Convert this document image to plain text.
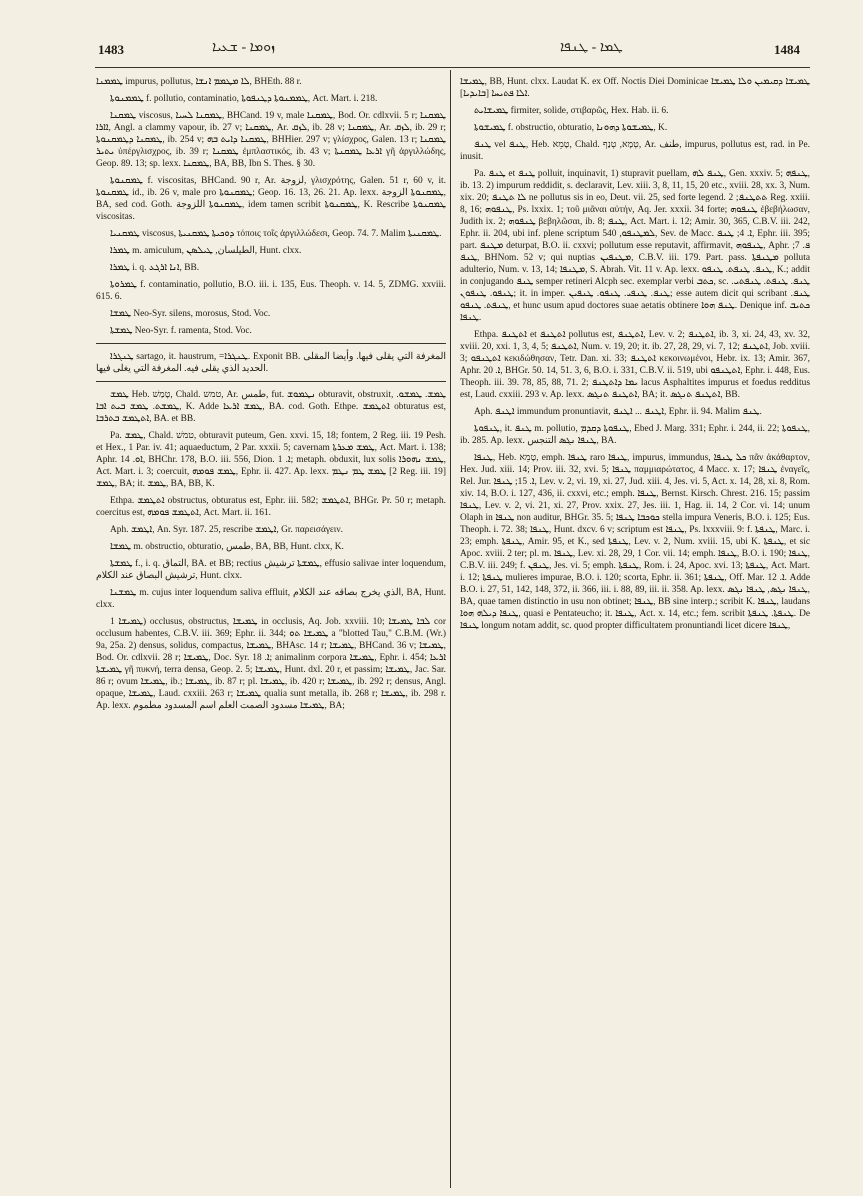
1483	ܙܘܡܐ - ܫܥܝܐ	ܛܡܐ - ܛܢܦܐ	1484

ܛܡܡܢܐ impurus, pollutus, ܠܐ ܡܛܡܡ ܐܢܫܐ, BHEth. 88 r.

ܛܡܡܢܘܬܐ f. pollutio, contaminatio, ܛܡܡܢܘܬܐ ܕܛܢܦܘܬܐ, Act. Mart. i. 218.

ܛܡܩܢܐ viscosus, ܛܡܩܢܐ ܠܚܝܐ, BHCand. 19 v, male ܛܡܩܢܐ, Bod. Or. cdlxvii. 5 r; ܛܡܩܢܐ ܐܐܪܐ, Angl. a clammy vapour, ib. 27 v; ܛܡܩܢܐ, Ar. ܠܙܩ, ib. 28 v; ܛܡܩܢܐ, Ar. ܠܙܩ, ib. 29 r; ܛܡܩܢܐ ܕܛܡܩܢܘܬܐ, ib. 254 v; ܛܡܩܢܐ ܕܐܝܬ ܒܗ, BHHier. 297 v; γλίσχρος, Galen. 13 r; ܛܡܩܢܐ ܝܬܝܪ ὑπέργλισχρος, ib. 39 r; ܛܡܩܢܐ ἐμπλαστικός, ib. 43 v; ܐܪܥܐ ܛܡܩܢܬܐ γῆ ἀργιλλώδης, Geop. 89. 13; sp. lexx. ܛܡܩܢܐ, BA, BB, Ibn S. Thes. § 30.

ܛܡܩܢܘܬܐ f. viscositas, BHCand. 90 r, Ar. لزوجة, γλισχρότης, Galen. 51 r, 60 v, it. ܛܡܩܢܘܬܐ id., ib. 26 v, male pro ܛܡܩܢܘܬܐ; Geop. 16. 13, 26. 21. Ap. lexx. ܛܡܩܢܘܬܐ الزوجة, BA, sed cod. Goth. ܛܡܩܢܘܬܐ اللزوجة, idem tamen scribit ܛܡܩܢܘܬܐ, K. Rescribe ܛܡܩܢܘܬܐ viscositas.

ܛܡܩܢܝܐ viscosus, ܕܘܟܝܬܐ ܛܡܩܢܝܬܐ τόποις τοῖς ἀργιλλώδεσι, Geop. 74. 7. Malim ܛܡܩܢܝܬܐ.

ܛܡܪܐ m. amiculum, الطيلسان, ܛܝܠܣܢ, Hunt. clxx.

ܛܡܪܐ i. q. ܐܢܐ ܐܪܓܥ, BB.

ܛܡܪܘܬܐ f. contaminatio, pollutio, B.O. iii. i. 135, Eus. Theoph. v. 14. 5, ZDMG. xxviii. 615. 6.

ܛܡܫܐ Neo-Syr. silens, morosus, Stod. Voc.

ܛܡܫܬܐ Neo-Syr. f. ramenta, Stod. Voc.

ܛܢܓܪܐ sartago, it. haustrum, =ܛܢܓܪܐ. Exponit BB. المغرفة التي يقلى فيها. وأيضا المقلى الحديد الذي يقلى فيه. المغرفة التي يغلى فيها.

ܛܡܫ Heb. טָמַשׁ, Chald. טמש, Ar. طمس, fut. ܢܛܡܘܫ obturavit, obstruxit, ܛܡܫ. ܛܡܫܘ. ܛܡܫܬ. ܛܡܫ ܒܝܬ ܐܒܐ, K. Adde ܛܡܫ ܐܪܥܐ, BA. cod. Goth. Ethpe. ܐܬܛܡܫ obturatus est, ܐܬܛܡܫ ܒܬܪܒܐ, BA. et BB.

Pa. ܛܡܫ, Chald. טמשׁ, obturavit puteum, Gen. xxvi. 15, 18; fontem, 2 Reg. iii. 19 Pesh. et Hex., 1 Par. iv. 41; aquaeductum, 2 Par. xxxii. 5; cavernam ܛܡܫ ܡܥܪܬܐ, Act. Mart. i. 138; Aphr. ܐܘ. 14, BHChr. 178, B.O. iii. 556, Dion. ܐ. 1; metaph. obduxit, lux solis ܛܡܫ ܢܗܘܪܐ, Act. Mart. i. 3; coercuit, ܛܡܫ ܦܘܡܗ, Ephr. ii. 427. Ap. lexx. ܛܡܫ ܛܡ ܢܛܡ [2 Reg. iii. 19] ܛܡܫ, BA; it. ܛܡܫ, BA, BB, K.

Ethpa. ܐܬܛܡܫ obstructus, obturatus est, Ephr. iii. 582; ܐܬܛܡܫ, BHGr. Pr. 50 r; metaph. coercitus est, ܐܬܛܡܫ ܦܘܡܗ, Act. Mart. ii. 161.

Aph. ܐܛܡܫ, An. Syr. 187. 25, rescribe ܐܛܡܫ, Gr. παρεισάγειν.

ܛܡܫܐ m. obstructio, obturatio, طمس, BA, BB, Hunt. clxx, K.

ܛܡܫܬܐ f., i. q. التماق, BA. et BB; rectius ܛܡܫܬܐ ترشيش, effusio salivae inter loquendum, ترشيش البصاق عند الكلام, Hunt. clxx.

ܛܡܫܢܐ m. cujus inter loquendum saliva effluit, الذي يخرج بصاقه عند الكلام, BA, Hunt. clxx.

ܛܡܝܫܐ 1) occlusus, obstructus, ܛܡܝܫܐ in occlusis, Aq. Job. xxviii. 10; ܠܒܐ ܛܡܝܫܐ cor occlusum habentes, C.B.V. iii. 369; Ephr. ii. 344; ܛܡܝܫܐ ܬܘ a "blotted Tau," C.B.M. (Wr.) 9a, 25a. 2) densus, solidus, compactus, ܛܡܝܫܐ, BHAsc. 14 r; ܛܡܝܫܐ, BHCand. 36 v; ܛܡܝܫܐ, Bod. Or. cdlxvii. 28 r; ܛܡܝܫܐ, Doc. Syr. ܐ. 18; animalinm corpora ܛܡܝܫܐ, Ephr. i. 454; ܐܪܥܐ ܛܡܝܫܬܐ γῆ πυκνή, terra densa, Geop. 2. 5; ܛܡܝܫܐ, Hunt. dxl. 20 r, et passim; ܛܡܝܫܐ, Jac. Sar. 86 r; ovum ܛܡܝܫܐ, ib.; ܛܡܝܫܐ, ib. 87 r; pl. ܛܡܝܫܐ, ib. 420 r; ܛܡܝܫܐ, ib. 292 r; densus, Angl. opaque, ܛܡܝܫܐ, Laud. cxxiii. 263 r; ܛܡܝܫܐ qualia sunt metalla, ib. 268 r; ܛܡܝܫܐ, ib. 298 r. Ap. lexx. ܛܡܝܫܐ مسدود الصمت العلم اسم المسدود مطموم, BA;

ܛܡܝܫܐ, BB, Hunt. clxx. Laudat K. ex Off. Noctis Diei Dominicae ܛܡܝܫܐ ܕܩܝܡܝܢ ܘܠܐ ܛܡܝܫܐ ܐܠܐ ܦܬܝܚܐ [ܒܐܝܕܝܐ].

ܛܡܝܫܐܝܬ firmiter, solide, στιβαρῶς, Hex. Hab. ii. 6.

ܛܡܝܫܘܬܐ f. obstructio, obturatio, ܛܡܝܫܘܬܐ ܕܗܘܢܐ, K.

ܛܢܦ vel ܛܢܦ, Heb. טָמֵא, Chald. טְמָא, טְנַף, Ar. طنف, impurus, pollutus est, rad. in Pe. inusit.

Pa. ܛܢܦ et ܛܢܦ polluit, inquinavit, 1) stupravit puellam, ܛܢܦ ܠܗ, Gen. xxxiv. 5; ܛܢܦܗ, ib. 13. 2) impurum reddidit, s. declaravit, Lev. xiii. 3, 8, 11, 15, 20 etc., xviii. 28, xx. 3, Num. xix. 20; ܠܐ ܬܛܢܦ ne pollutus sis in eo, Deut. vii. 25, sed forte legend. ܬܬܛܢܦ; 2 Reg. xxiii. 8, 16; ܛܢܦܘܗ, Ps. lxxix. 1; τοῦ μιᾶναι αὐτήν, Aq. Jer. xxxii. 34 forte; ܛܢܦܘܗ ἐβεβήλωσαν, Judith ix. 2; ܛܢܦܘܗ βεβηλῶσαι, ib. 8; ܛܢܦ, Act. Mart. i. 12; Amir. 30, 365, C.B.V. iii. 242, Ephr. ii. 204, ubi inf. plene scriptum ܠܡܛܢܦܘ, 540, Sev. de Macc. ܐ. 4; ܛܢܦ, Ephr. iii. 395; part. ܡܛܢܦ deturpat, B.O. ii. cxxvi; pollutum esse reputavit, affirmavit, ܛܢܦܘܗ, Aphr. ܦ. 7; ܛܢܦ, BHNom. 52 v; qui nuptias ܡܛܢܦܝܢ, C.B.V. iii. 179. Part. pass. ܡܛܢܦܬܐ polluta adulterio, Num. v. 13, 14; ܡܛܢܦܐ, S. Abrah. Vit. 11 v. Ap. lexx. ܛܢܦ. ܛܢܦܬ. ܛܢܦܘ, K.; addit in conjugando ܛܢܦ semper retineri Alcph sec. exemplar verbi ܟܬܒ, sc. ܛܢܦ. ܛܢܦܬ. ܛܢܦܬܝ. ܛܢܦܘ. ܛܢܦܘܢ; it. in imper. ܛܢܦ. ܛܢܦܝ. ܛܢܦܘ. ܛܢܦܝܢ; esse autem dicit qui scribant ܛܢܦ. ܛܢܦܬ. ܛܢܦܘ, et hunc usum apud doctores suae aetatis obtinere ܛܢܦ ܗܘܐ. Denique inf. ܟܬܝܒ ܛܢܦܐ.

Ethpa. ܐܬܛܢܦ et ܐܬܛܢܦ pollutus est, ܐܬܛܢܦ, Lev. v. 2; ܐܬܛܢܦ, ib. 3, xi. 24, 43, xv. 32, xviii. 20, xxi. 1, 3, 4, 5; ܐܬܛܢܦ, Num. v. 19, 20; it. ib. 27, 28, 29, vi. 7, 12; ܐܬܛܢܦ, Job. xviii. 3; ܐܬܛܢܦܘ κεκιδώθησαν, Tetr. Dan. xi. 33; ܐܬܛܢܦ κεκοινωμένοι, Hebr. ix. 13; Amir. 367, Aphr. ܐ. 20, BHGr. 50. 14, 51. 3, 6, B.O. i. 331, C.B.V. ii. 519, ubi ܐܬܛܢܦܘ, Ephr. i. 448, Eus. Theoph. iii. 39. 78, 85, 88, 71. 2; ܝܡܐ ܕܐܬܛܢܦ lacus Asphaltites impurus et foedus redditus est, Laud. cxxiii. 293 v. Ap. lexx. ܐܬܛܢܦ ܬܢܓܣ, BA; it. ܐܬܛܢܦ ܬܢܓܣ, BB.

Aph. ܐܛܢܦ immundum pronuntiavit, ܐܛܢܦ ... ܐܛܢܦ, Ephr. ii. 94. Malim ܛܢܦ.

ܛܢܦܘܬܐ, it. ܛܢܦ m. pollutio, ܛܢܦܘܬܐ ܕܩܕܡ, Ebed J. Marg. 331; Ephr. i. 244, ii. 22; ܛܢܦܘܬܐ, ib. 285. Ap. lexx. ܛܢܦܐ ܢܓܣ التنجس, BA.

ܛܢܦܐ, Heb. טָמֵא, emph. ܛܢܦܐ raro ܛܢܦܐ, impurus, immundus, ܟܠ ܛܢܦܐ πᾶν ἀκάθαρτον, Hex. Jud. xiii. 14; Prov. iii. 32, xvi. 5; ܛܢܦܐ παμμιαρώτατος, 4 Macc. x. 17; ܛܢܦܐ ἐναγεῖς, Rel. Jur. ܐ. 15; ܛܢܦܐ, Lev. v. 2, vi. 19, xi. 27, Jud. xiii. 4, Jes. vi. 5, Act. x. 14, 28, xi. 8, Rom. xiv. 14, B.O. i. 127, 436, ii. cxxvi, etc.; emph. ܛܢܦܐ, Bernst. Kirsch. Chrest. 216. 15; passim ܛܢܦܐ, Lev. v. 2, vi. 21, xi. 27, Prov. xxix. 27, Jes. iii. 1, Hag. ii. 14, 2 Cor. vi. 14; unum Olaph in ܛܢܦܐ non auditur, BHGr. 35. 5; ܟܘܟܒܐ ܛܢܦܐ stella impura Veneris, B.O. i. 125; Eus. Theoph. i. 72. 38; ܛܢܦܐ, Hunt. dxcv. 6 v; scriptum est ܛܢܦܐ, Ps. lxxxviii. 9: f. ܛܢܦܬܐ, Marc. i. 23; emph. ܛܢܦܬܐ, Amir. 95, et K., sed ܛܢܦܬܐ, Lev. v. 2, Num. xviii. 15, ubi K. ܛܢܦܬܐ, et sic Apoc. xviii. 2 ter; pl. m. ܛܢܦܐ, Lev. xi. 28, 29, 1 Cor. vii. 14; emph. ܛܢܦܐ, B.O. i. 190; ܛܢܦܐ, C.B.V. iii. 249; f. ܛܢܦܢ, Jes. vi. 5; emph. ܛܢܦܬܐ, Rom. i. 24, Apoc. xvi. 13; ܛܢܦܬܐ, Act. Mart. i. 12; ܛܢܦܬܐ mulieres impurae, B.O. i. 120; scorta, Ephr. ii. 361; ܛܢܦܬܐ, Off. Mar. ܐ. 12. Adde B.O. i. 27, 51, 142, 148, 372, ii. 366, iii. i. 88, 89, iii. ii. 358. Ap. lexx. ܛܢܦܐ ܢܓܣ, ܛܢܦܐ ܢܓܣ, BA, quae tamen distinctio in usu non obtinet; ܛܢܦܐ, BB sine interp.; scribit K. ܛܢܦܐ, laudans ܛܢܦܐ ܕܝܠܗ ܗܘܐ, quasi e Pentateucho; it. ܛܢܦܐ, Act. x. 14, etc.; fem. scribit ܛܢܦܬܐ. ܛܢܦܬܐ. De ܛܢܦܐ longum notam addit, sc. quod propter difficultatem pronuntiandi licet dicere ܛܢܦܐ,
